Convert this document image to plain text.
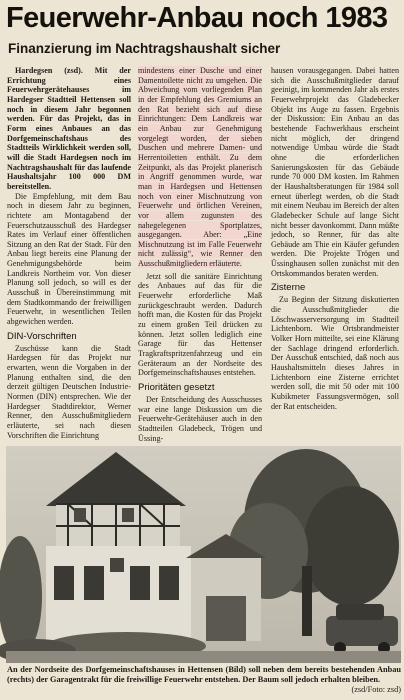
Feuerwehr-Anbau noch 1983
Finanzierung im Nachtragshaushalt sicher

Hardegsen (zsd). Mit der Errichtung eines Feuerwehrgerätehauses im Hardegser Stadtteil Hettensen soll noch in diesem Jahr begonnen werden. Für das Projekt, das in Form eines Anbaues an das Dorfgemeinschaftshaus des Stadtteils Wirklichkeit werden soll, will die Stadt Hardegsen noch im Nachtragshaushalt für das laufende Haushaltsjahr 100 000 DM bereitstellen.

Die Empfehlung, mit dem Bau noch in diesem Jahr zu beginnen, richtete am Montagabend der Feuerschutzausschuß des Hardegser Rates im Verlauf einer öffentlichen Sitzung an den Rat der Stadt. Für den Anbau liegt bereits eine Planung der Genehmigungsbehörde beim Landkreis Northeim vor. Von dieser Planung soll jedoch, so will es der Ausschuß in Übereinstimmung mit dem Stadtkommando der freiwilligen Feuerwehr, in wesentlichen Teilen abgewichen werden.

DIN-Vorschriften

Zuschüsse kann die Stadt Hardegsen für das Projekt nur erwarten, wenn die Vorgaben in der Planung enthalten sind, die den derzeit gültigen Deutschen Industrie-Normen (DIN) entsprechen. Wie der Hardegser Stadtdirektor, Werner Renner, den Ausschußmitgliedern erläuterte, sei nach diesen Vorschriften die Einrichtung

mindestens einer Dusche und einer Damentoilette nicht zu umgehen. Die Abweichung vom vorliegenden Plan in der Empfehlung des Gremiums an den Rat bezieht sich auf diese Einrichtungen: Dem Landkreis war ein Anbau zur Genehmigung vorgelegt worden, der sieben Duschen und mehrere Damen- und Herrentoiletten enthält. Zu dem Zeitpunkt, als das Projekt planerisch in Angriff genommen wurde, war man in Hardegsen und Hettensen noch von einer Mischnutzung von Feuerwehr und örtlichen Vereinen, vor allem zugunsten des nahegelegenen Sportplatzes, ausgegangen. Aber: „Eine Mischnutzung ist im Falle Feuerwehr nicht zulässig“, wie Renner den Ausschußmitgliedern erläuterte.

Jetzt soll die sanitäre Einrichtung des Anbaues auf das für die Feuerwehr erforderliche Maß zurückgeschraubt werden. Dadurch hofft man, die Kosten für das Projekt zu einem großen Teil drücken zu können. Jetzt sollen lediglich eine Garage für das Hettenser Tragkraftspritzenfahrzeug und ein Geräteraum an der Nordseite des Dorfgemeinschaftshauses entstehen.

Prioritäten gesetzt

Der Entscheidung des Ausschusses war eine lange Diskussion um die Feuerwehr-Gerätehäuser auch in den Stadtteilen Gladebeck, Trögen und Üssing-

hausen vorausgegangen. Dabei hatten sich die Ausschußmitglieder darauf geeinigt, im kommenden Jahr als erstes Feuerwehrprojekt das Gladebecker Objekt ins Auge zu fassen. Ergebnis der Diskussion: Ein Anbau an das bestehende Fachwerkhaus erscheint nicht möglich, der dringend notwendige Umbau würde die Stadt ohne die erforderlichen Sanierungskosten für das Gebäude runde 70 000 DM kosten. Im Rahmen der Haushaltsberatungen für 1984 soll erneut überlegt werden, ob die Stadt mit einem Neubau im Bereich der alten Gladebecker Schule auf lange Sicht nicht besser davonkommt. Dann müßte jedoch, so Renner, für das alte Gebäude am Thie ein Käufer gefunden werden. Die Projekte Trögen und Üssinghausen sollen zunächst mit den Ortskommandos beraten werden.

Zisterne

Zu Beginn der Sitzung diskutierten die Ausschußmitglieder die Löschwasserversorgung im Stadtteil Lichtenborn. Wie Ortsbrandmeister Volker Horn mitteilte, sei eine Klärung der Sachlage dringend erforderlich. Der Ausschuß entschied, daß noch aus Haushaltsmitteln dieses Jahres in Lichtenborn eine Zisterne errichtet werden soll, die mit 50 oder mit 100 Kubikmeter Fassungsvermögen, soll der Rat entscheiden.

An der Nordseite des Dorfgemeinschaftshauses in Hettensen (Bild) soll neben dem bereits bestehenden Anbau (rechts) der Garagentrakt für die freiwillige Feuerwehr entstehen. Der Baum soll jedoch erhalten bleiben.
(zsd/Foto: zsd)
